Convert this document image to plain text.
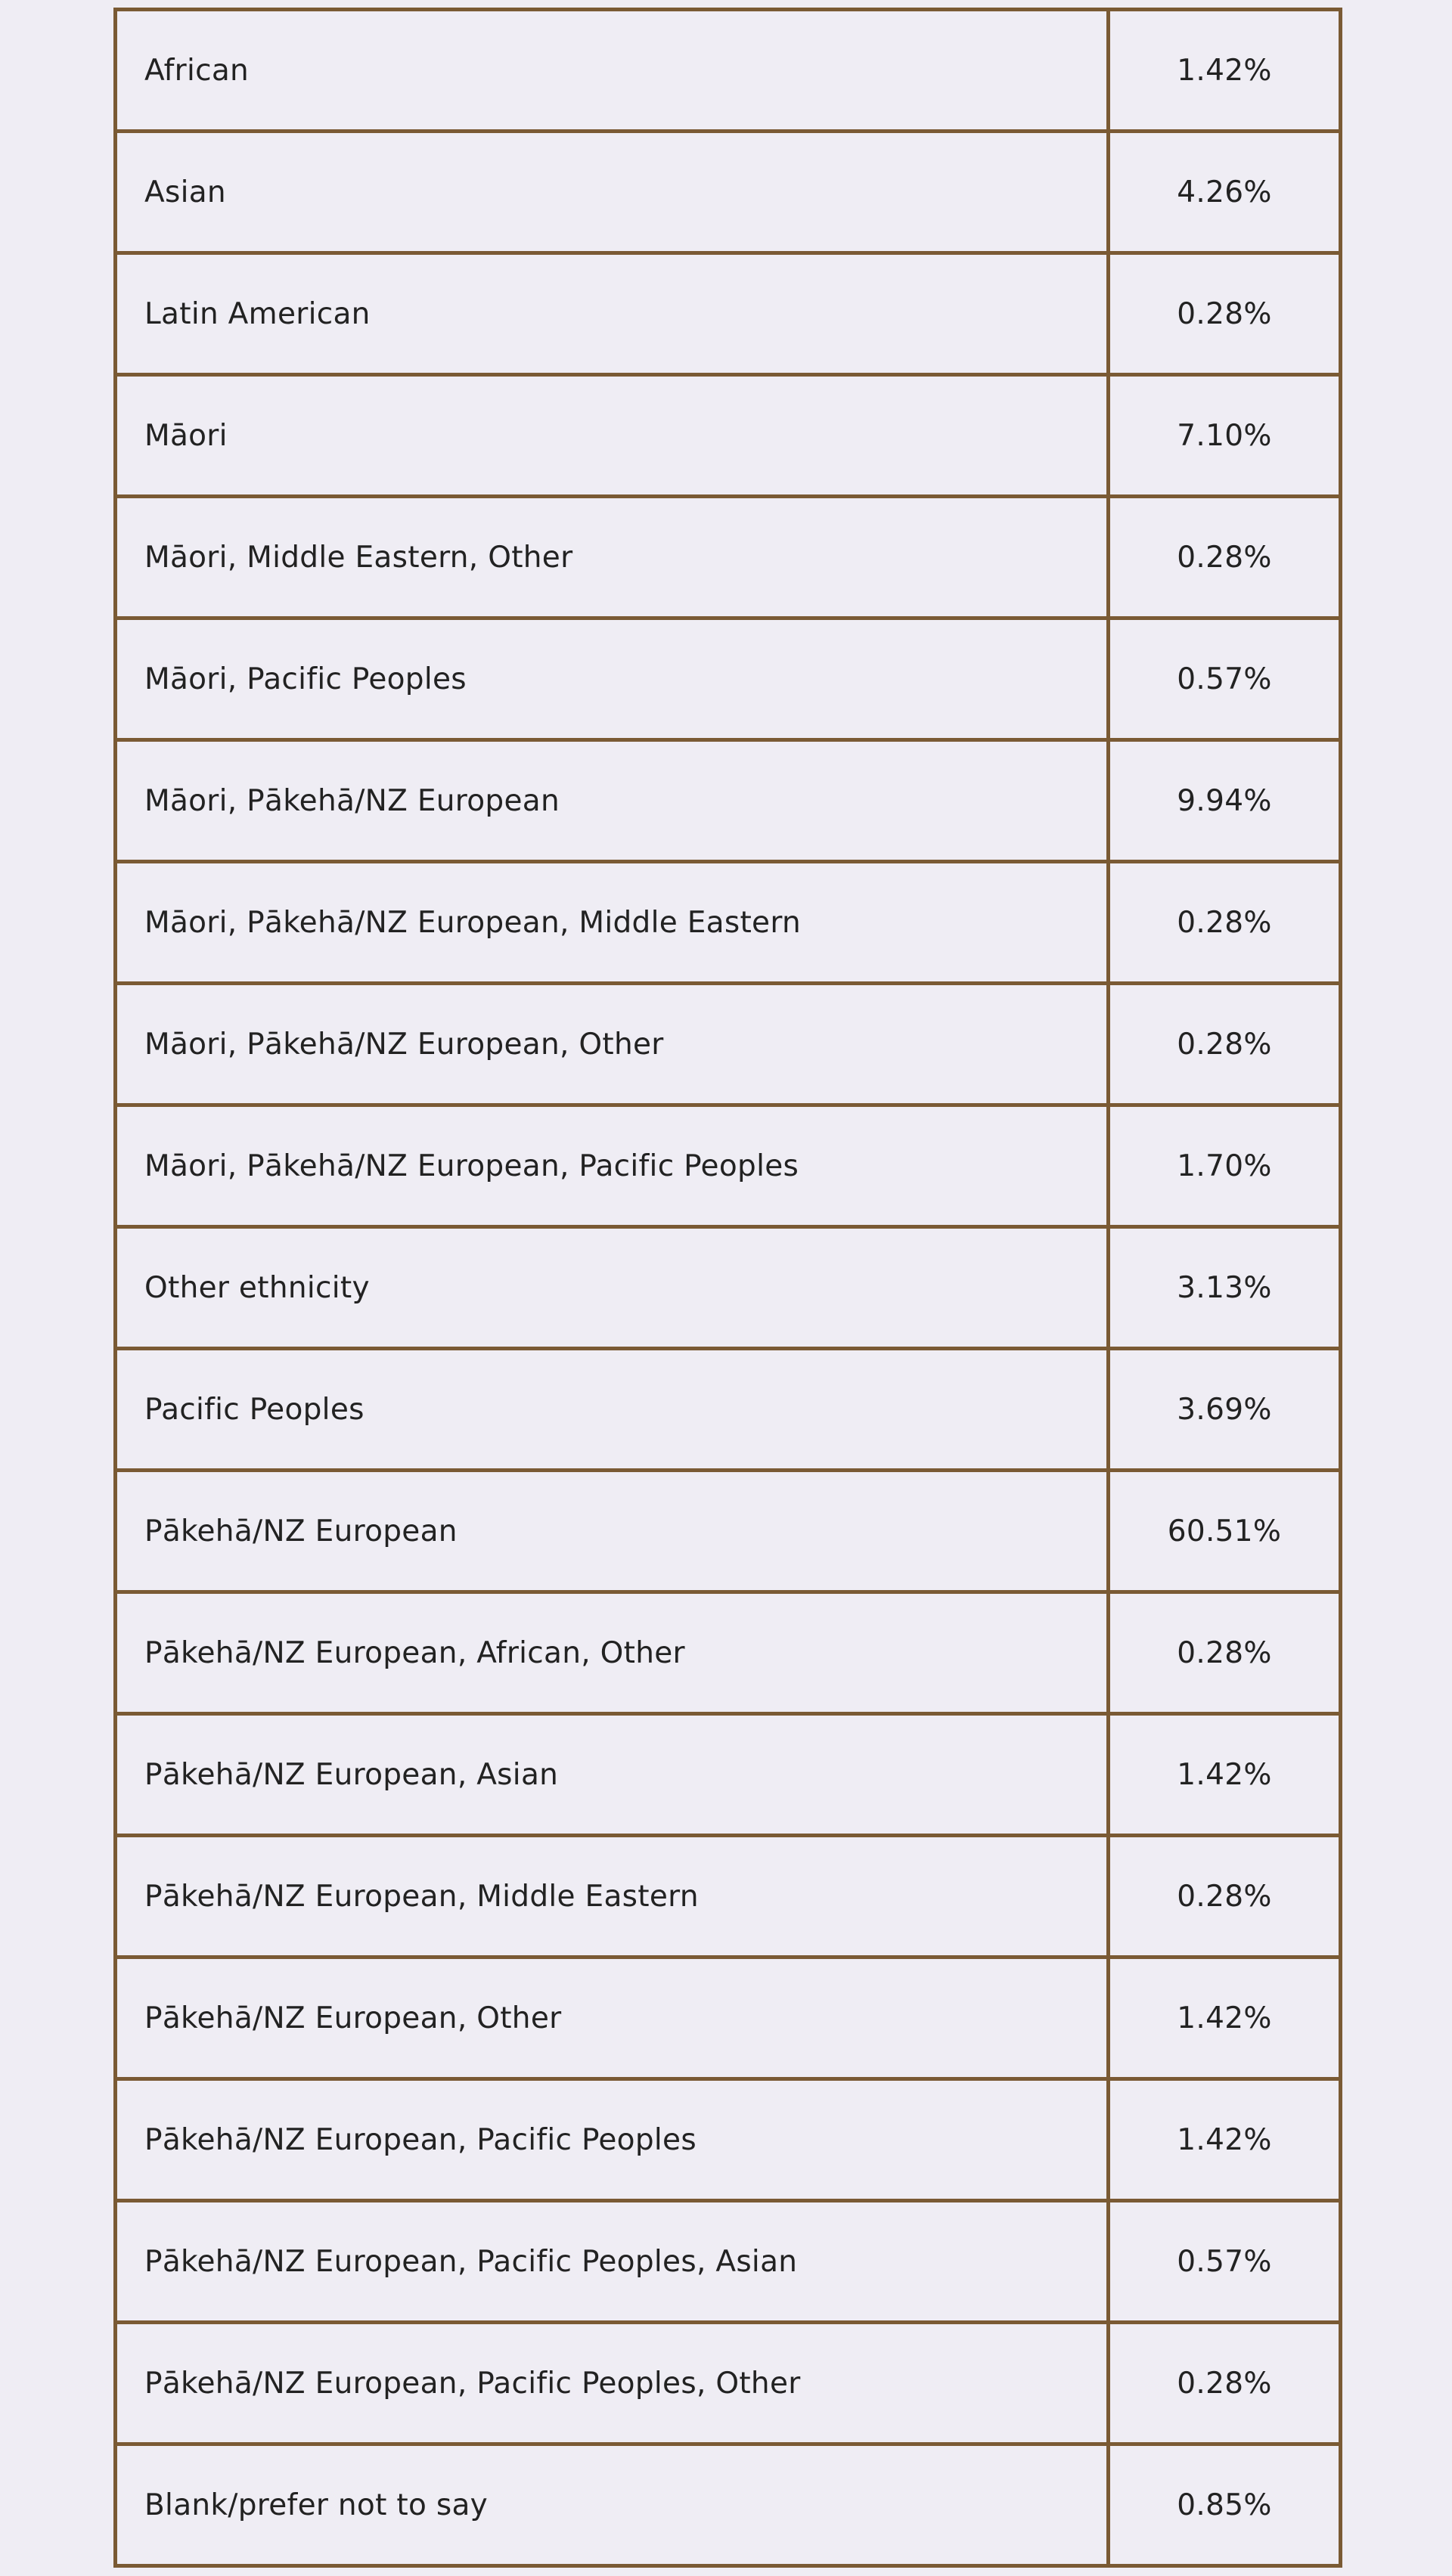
African	1.42%
Asian	4.26%
Latin American	0.28%
Māori	7.10%
Māori, Middle Eastern, Other	0.28%
Māori, Pacific Peoples	0.57%
Māori, Pākehā/NZ European	9.94%
Māori, Pākehā/NZ European, Middle Eastern	0.28%
Māori, Pākehā/NZ European, Other	0.28%
Māori, Pākehā/NZ European, Pacific Peoples	1.70%
Other ethnicity	3.13%
Pacific Peoples	3.69%
Pākehā/NZ European	60.51%
Pākehā/NZ European, African, Other	0.28%
Pākehā/NZ European, Asian	1.42%
Pākehā/NZ European, Middle Eastern	0.28%
Pākehā/NZ European, Other	1.42%
Pākehā/NZ European, Pacific Peoples	1.42%
Pākehā/NZ European, Pacific Peoples, Asian	0.57%
Pākehā/NZ European, Pacific Peoples, Other	0.28%
Blank/prefer not to say	0.85%
